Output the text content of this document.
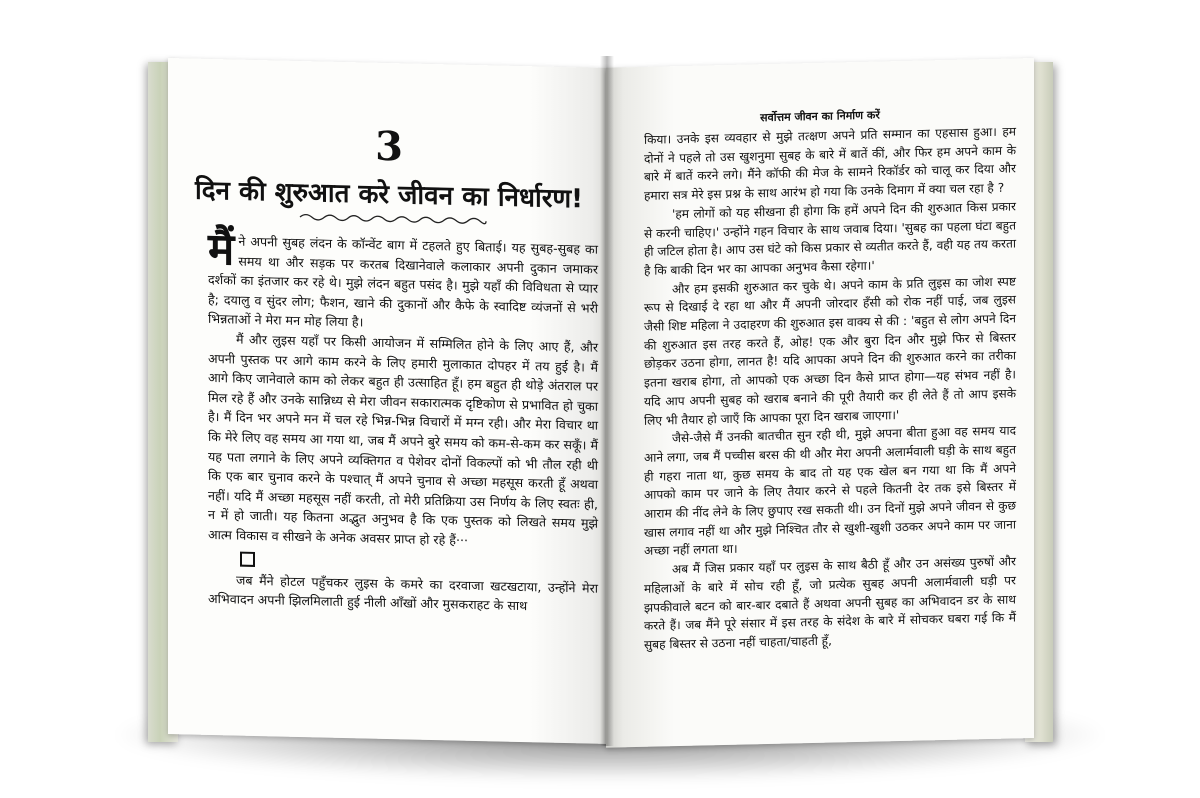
3
दिन की शुरुआत करे जीवन का निर्धारण!

मैंने अपनी सुबह लंदन के कॉन्वेंट बाग में टहलते हुए बिताई। यह सुबह-सुबह का समय था और सड़क पर करतब दिखानेवाले कलाकार अपनी दुकान जमाकर दर्शकों का इंतजार कर रहे थे। मुझे लंदन बहुत पसंद है। मुझे यहाँ की विविधता से प्यार है; दयालु व सुंदर लोग; फैशन, खाने की दुकानों और कैफे के स्वादिष्ट व्यंजनों से भरी भिन्नताओं ने मेरा मन मोह लिया है।

मैं और लुइस यहाँ पर किसी आयोजन में सम्मिलित होने के लिए आए हैं, और अपनी पुस्तक पर आगे काम करने के लिए हमारी मुलाकात दोपहर में तय हुई है। मैं आगे किए जानेवाले काम को लेकर बहुत ही उत्साहित हूँ। हम बहुत ही थोड़े अंतराल पर मिल रहे हैं और उनके सान्निध्य से मेरा जीवन सकारात्मक दृष्टिकोण से प्रभावित हो चुका है। मैं दिन भर अपने मन में चल रहे भिन्न-भिन्न विचारों में मग्न रही। और मेरा विचार था कि मेरे लिए वह समय आ गया था, जब मैं अपने बुरे समय को कम-से-कम कर सकूँ। मैं यह पता लगाने के लिए अपने व्यक्तिगत व पेशेवर दोनों विकल्पों को भी तौल रही थी कि एक बार चुनाव करने के पश्चात् मैं अपने चुनाव से अच्छा महसूस करती हूँ अथवा नहीं। यदि मैं अच्छा महसूस नहीं करती, तो मेरी प्रतिक्रिया उस निर्णय के लिए स्वतः ही, न में हो जाती। यह कितना अद्भुत अनुभव है कि एक पुस्तक को लिखते समय मुझे आत्म विकास व सीखने के अनेक अवसर प्राप्त हो रहे हैं···

जब मैंने होटल पहुँचकर लुइस के कमरे का दरवाजा खटखटाया, उन्होंने मेरा अभिवादन अपनी झिलमिलाती हुई नीली आँखों और मुसकराहट के साथ

सर्वोत्तम जीवन का निर्माण करें

किया। उनके इस व्यवहार से मुझे तत्क्षण अपने प्रति सम्मान का एहसास हुआ। हम दोनों ने पहले तो उस खुशनुमा सुबह के बारे में बातें कीं, और फिर हम अपने काम के बारे में बातें करने लगे। मैंने कॉफी की मेज के सामने रिकॉर्डर को चालू कर दिया और हमारा सत्र मेरे इस प्रश्न के साथ आरंभ हो गया कि उनके दिमाग में क्या चल रहा है ?

'हम लोगों को यह सीखना ही होगा कि हमें अपने दिन की शुरुआत किस प्रकार से करनी चाहिए।' उन्होंने गहन विचार के साथ जवाब दिया। 'सुबह का पहला घंटा बहुत ही जटिल होता है। आप उस घंटे को किस प्रकार से व्यतीत करते हैं, वही यह तय करता है कि बाकी दिन भर का आपका अनुभव कैसा रहेगा।'

और हम इसकी शुरुआत कर चुके थे। अपने काम के प्रति लुइस का जोश स्पष्ट रूप से दिखाई दे रहा था और मैं अपनी जोरदार हँसी को रोक नहीं पाई, जब लुइस जैसी शिष्ट महिला ने उदाहरण की शुरुआत इस वाक्य से की : 'बहुत से लोग अपने दिन की शुरुआत इस तरह करते हैं, ओह! एक और बुरा दिन और मुझे फिर से बिस्तर छोड़कर उठना होगा, लानत है! यदि आपका अपने दिन की शुरुआत करने का तरीका इतना खराब होगा, तो आपको एक अच्छा दिन कैसे प्राप्त होगा—यह संभव नहीं है। यदि आप अपनी सुबह को खराब बनाने की पूरी तैयारी कर ही लेते हैं तो आप इसके लिए भी तैयार हो जाएँ कि आपका पूरा दिन खराब जाएगा।'

जैसे-जैसे मैं उनकी बातचीत सुन रही थी, मुझे अपना बीता हुआ वह समय याद आने लगा, जब मैं पच्चीस बरस की थी और मेरा अपनी अलार्मवाली घड़ी के साथ बहुत ही गहरा नाता था, कुछ समय के बाद तो यह एक खेल बन गया था कि मैं अपने आपको काम पर जाने के लिए तैयार करने से पहले कितनी देर तक इसे बिस्तर में आराम की नींद लेने के लिए छुपाए रख सकती थी। उन दिनों मुझे अपने जीवन से कुछ खास लगाव नहीं था और मुझे निश्चित तौर से खुशी-खुशी उठकर अपने काम पर जाना अच्छा नहीं लगता था।

अब मैं जिस प्रकार यहाँ पर लुइस के साथ बैठी हूँ और उन असंख्य पुरुषों और महिलाओं के बारे में सोच रही हूँ, जो प्रत्येक सुबह अपनी अलार्मवाली घड़ी पर झपकीवाले बटन को बार-बार दबाते हैं अथवा अपनी सुबह का अभिवादन डर के साथ करते हैं। जब मैंने पूरे संसार में इस तरह के संदेश के बारे में सोचकर घबरा गई कि मैं सुबह बिस्तर से उठना नहीं चाहता/चाहती हूँ,
